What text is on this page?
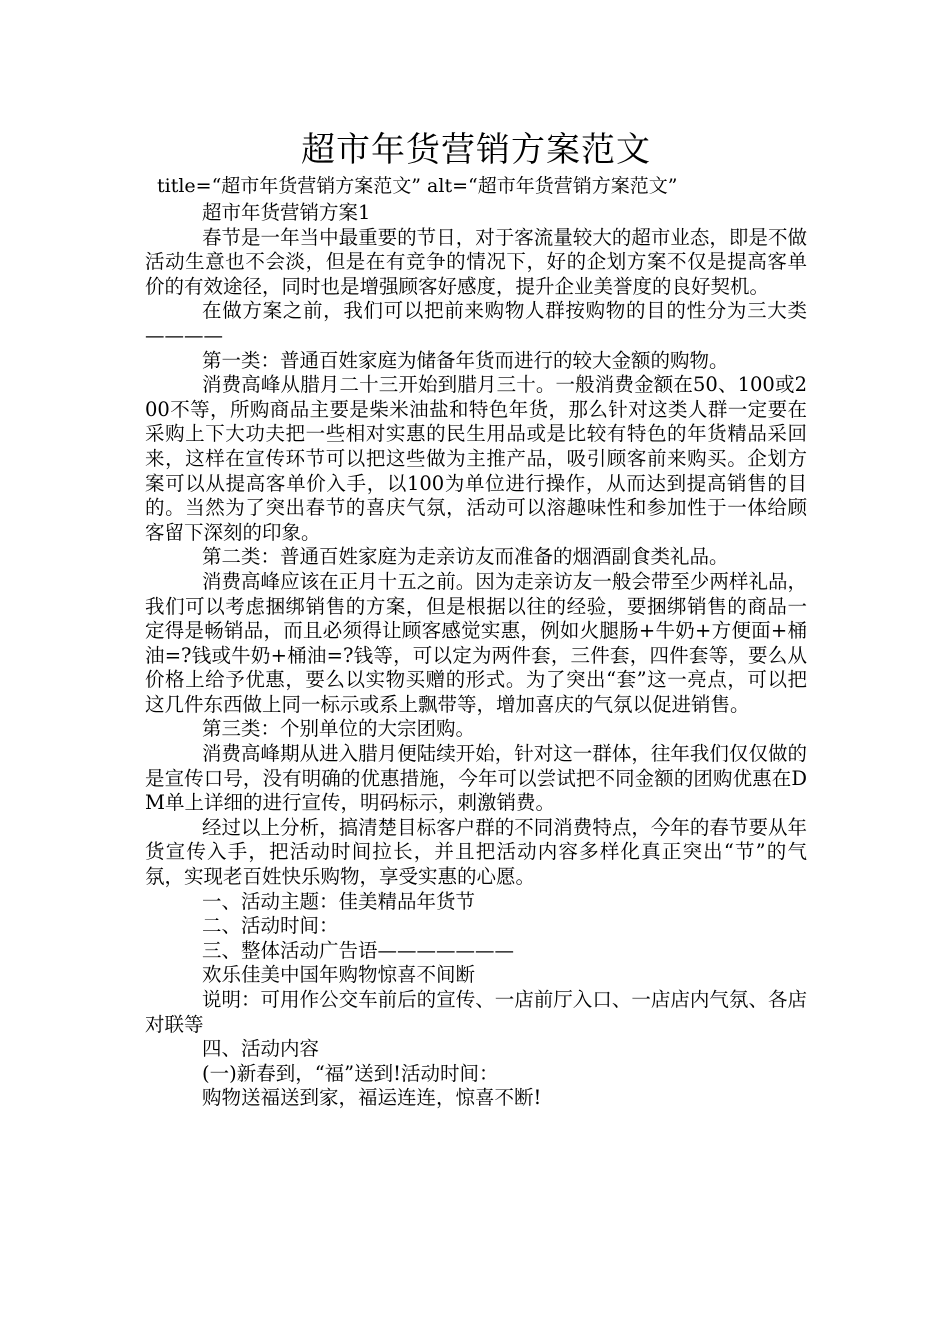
超市年货营销方案范文

title=“超市年货营销方案范文” alt=“超市年货营销方案范文”

超市年货营销方案1

春节是一年当中最重要的节日，对于客流量较大的超市业态，即是不做活动生意也不会淡，但是在有竞争的情况下，好的企划方案不仅是提高客单价的有效途径，同时也是增强顾客好感度，提升企业美誉度的良好契机。

在做方案之前，我们可以把前来购物人群按购物的目的性分为三大类————

第一类：普通百姓家庭为储备年货而进行的较大金额的购物。

消费高峰从腊月二十三开始到腊月三十。一般消费金额在50、100或200不等，所购商品主要是柴米油盐和特色年货，那么针对这类人群一定要在采购上下大功夫把一些相对实惠的民生用品或是比较有特色的年货精品采回来，这样在宣传环节可以把这些做为主推产品，吸引顾客前来购买。企划方案可以从提高客单价入手，以100为单位进行操作，从而达到提高销售的目的。当然为了突出春节的喜庆气氛，活动可以溶趣味性和参加性于一体给顾客留下深刻的印象。

第二类：普通百姓家庭为走亲访友而准备的烟酒副食类礼品。

消费高峰应该在正月十五之前。因为走亲访友一般会带至少两样礼品，我们可以考虑捆绑销售的方案，但是根据以往的经验，要捆绑销售的商品一定得是畅销品，而且必须得让顾客感觉实惠，例如火腿肠+牛奶+方便面+桶油=?钱或牛奶+桶油=?钱等，可以定为两件套，三件套，四件套等，要么从价格上给予优惠，要么以实物买赠的形式。为了突出“套”这一亮点，可以把这几件东西做上同一标示或系上飘带等，增加喜庆的气氛以促进销售。

第三类：个别单位的大宗团购。

消费高峰期从进入腊月便陆续开始，针对这一群体，往年我们仅仅做的是宣传口号，没有明确的优惠措施，今年可以尝试把不同金额的团购优惠在DM单上详细的进行宣传，明码标示，刺激销费。

经过以上分析，搞清楚目标客户群的不同消费特点，今年的春节要从年货宣传入手，把活动时间拉长，并且把活动内容多样化真正突出“节”的气氛，实现老百姓快乐购物，享受实惠的心愿。

一、活动主题：佳美精品年货节

二、活动时间：

三、整体活动广告语———————

欢乐佳美中国年购物惊喜不间断

说明：可用作公交车前后的宣传、一店前厅入口、一店店内气氛、各店对联等

四、活动内容

(一)新春到，“福”送到!活动时间：

购物送福送到家，福运连连，惊喜不断!
